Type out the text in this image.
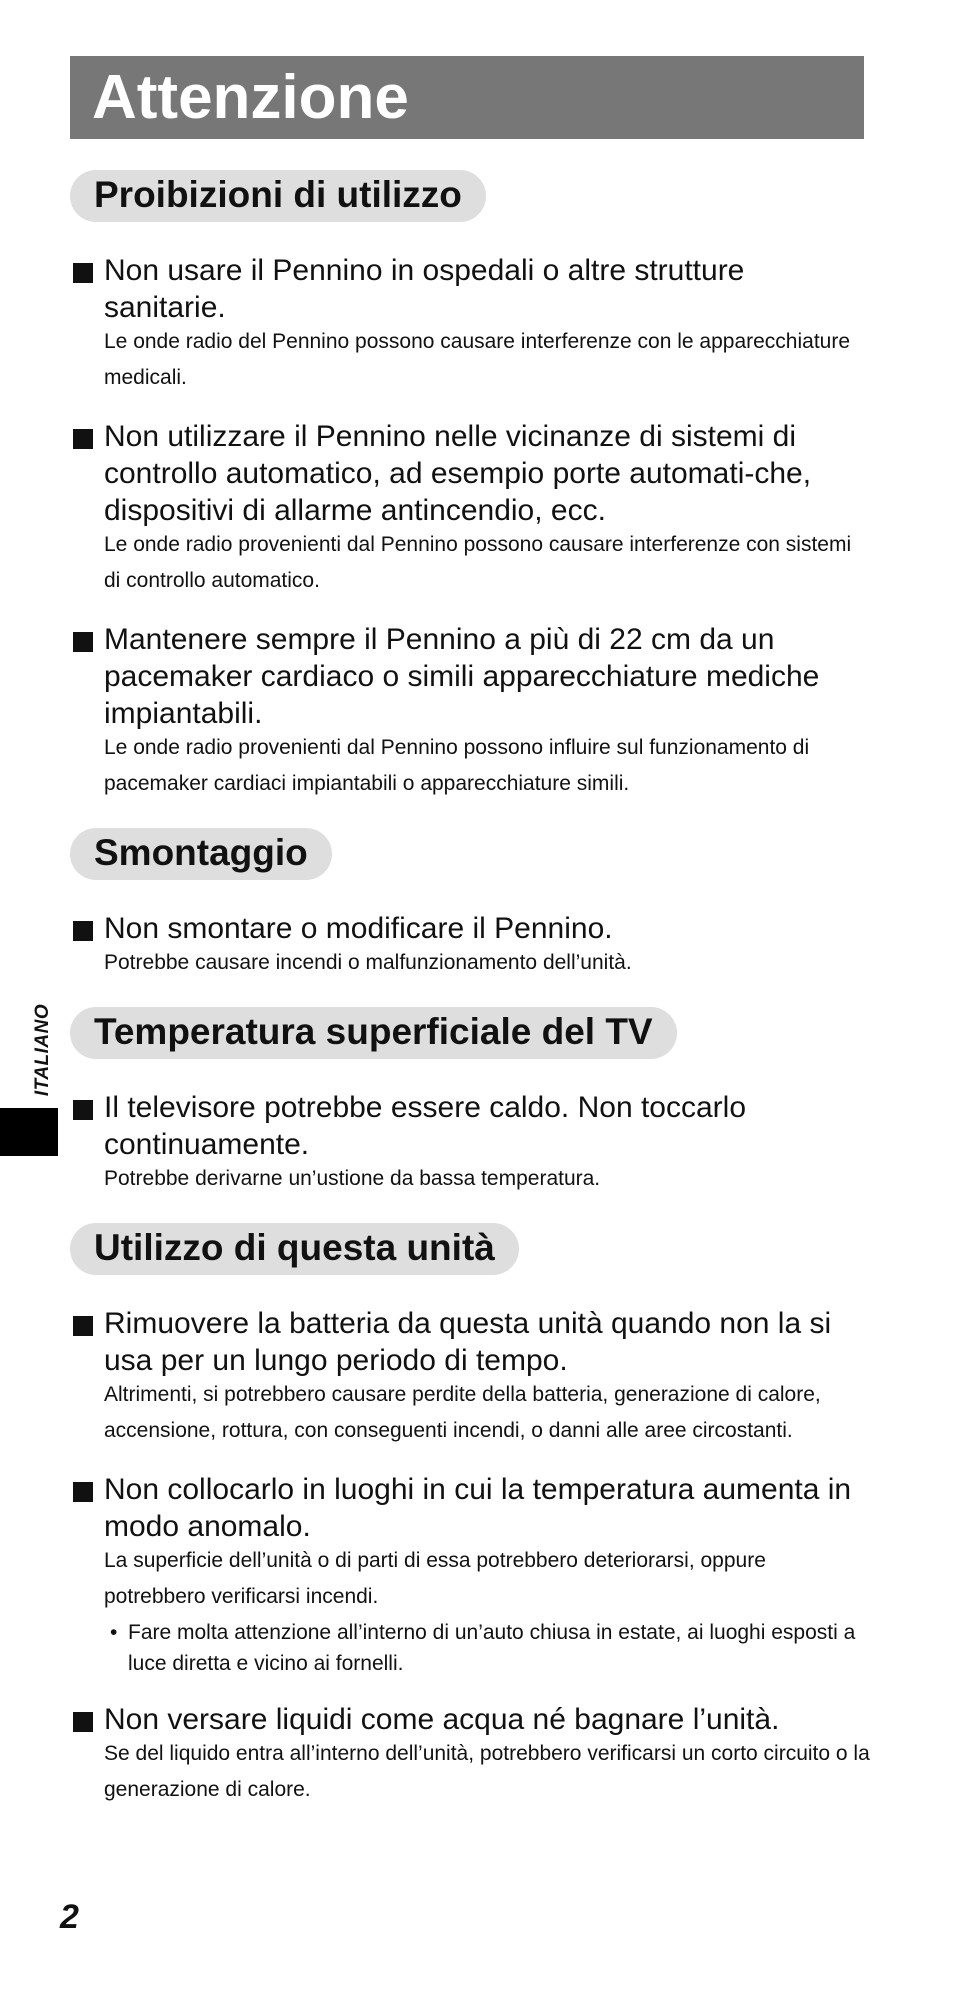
Attenzione
ITALIANO
Proibizioni di utilizzo
Non usare il Pennino in ospedali o altre strutture sanitarie.
Le onde radio del Pennino possono causare interferenze con le apparecchiature medicali.
Non utilizzare il Pennino nelle vicinanze di sistemi di controllo automatico, ad esempio porte automati-che, dispositivi di allarme antincendio, ecc.
Le onde radio provenienti dal Pennino possono causare interferenze con sistemi di controllo automatico.
Mantenere sempre il Pennino a più di 22 cm da un pacemaker cardiaco o simili apparecchiature mediche impiantabili.
Le onde radio provenienti dal Pennino possono influire sul funzionamento di pacemaker cardiaci impiantabili o apparecchiature simili.
Smontaggio
Non smontare o modificare il Pennino.
Potrebbe causare incendi o malfunzionamento dell’unità.
Temperatura superficiale del TV
Il televisore potrebbe essere caldo. Non toccarlo continuamente.
Potrebbe derivarne un’ustione da bassa temperatura.
Utilizzo di questa unità
Rimuovere la batteria da questa unità quando non la si usa per un lungo periodo di tempo.
Altrimenti, si potrebbero causare perdite della batteria, generazione di calore, accensione, rottura, con conseguenti incendi, o danni alle aree circostanti.
Non collocarlo in luoghi in cui la temperatura aumenta in modo anomalo.
La superficie dell’unità o di parti di essa potrebbero deteriorarsi, oppure potrebbero verificarsi incendi.
• Fare molta attenzione all’interno di un’auto chiusa in estate, ai luoghi esposti a luce diretta e vicino ai fornelli.
Non versare liquidi come acqua né bagnare l’unità.
Se del liquido entra all’interno dell’unità, potrebbero verificarsi un corto circuito o la generazione di calore.
2
